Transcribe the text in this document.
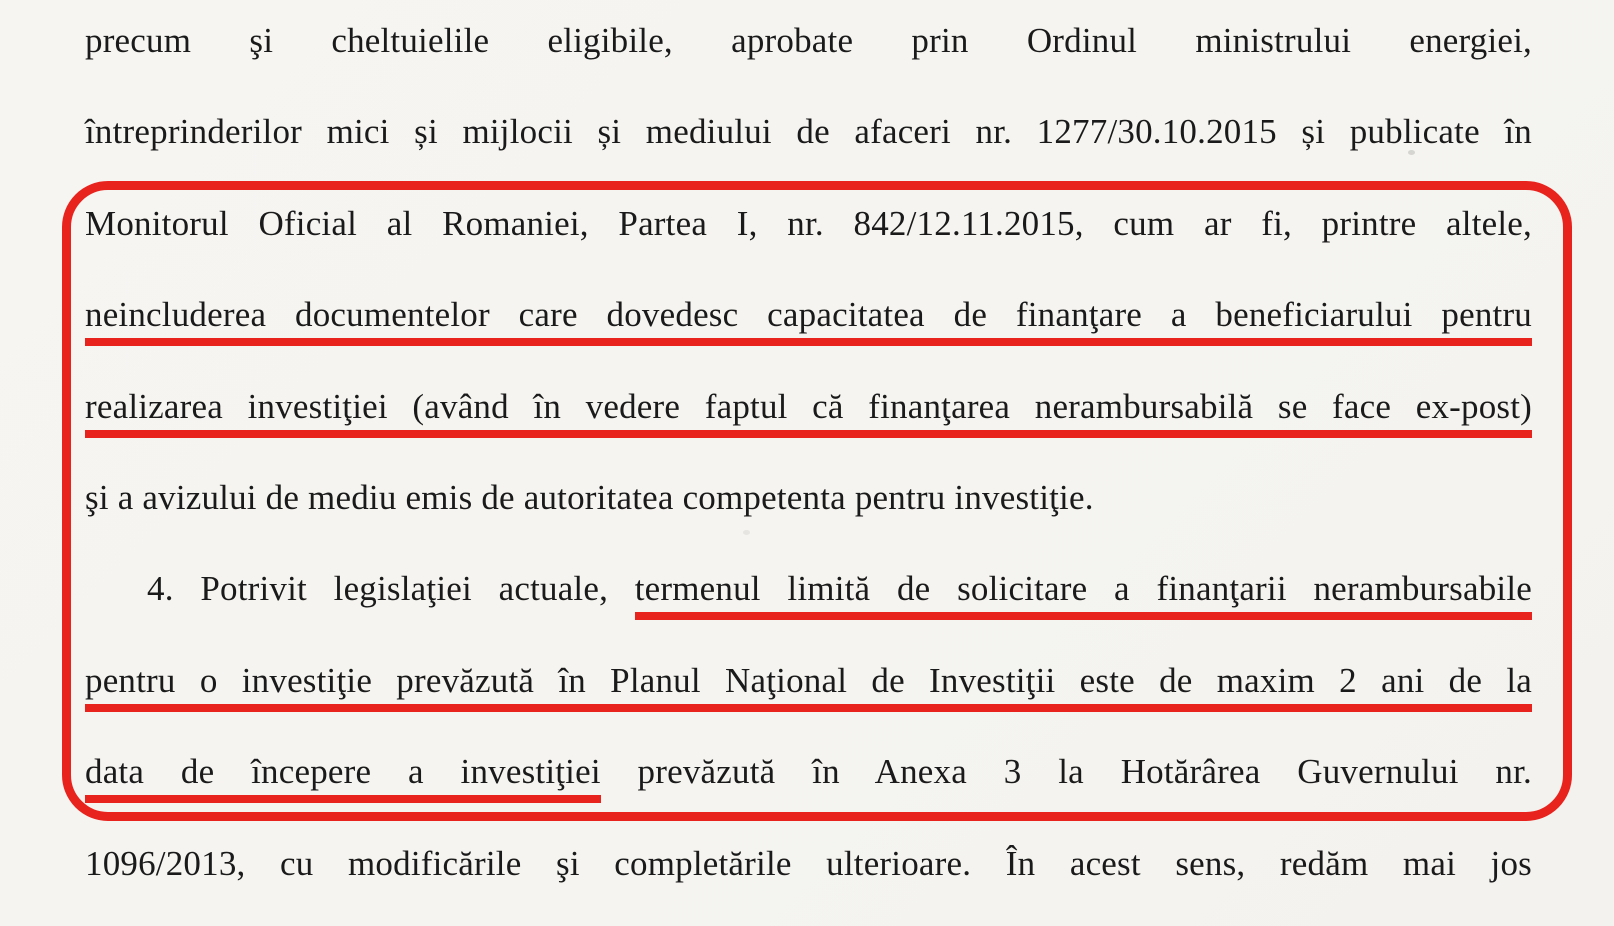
precum şi cheltuielile eligibile, aprobate prin Ordinul ministrului energiei,
întreprinderilor mici și mijlocii și mediului de afaceri nr. 1277/30.10.2015 și publicate în
Monitorul Oficial al Romaniei, Partea I, nr. 842/12.11.2015, cum ar fi, printre altele,
neincluderea documentelor care dovedesc capacitatea de finanţare a beneficiarului pentru
realizarea investiţiei (având în vedere faptul că finanţarea nerambursabilă se face ex-post)
şi a avizului de mediu emis de autoritatea competenta pentru investiţie.
4. Potrivit legislaţiei actuale, termenul limită de solicitare a finanţarii nerambursabile
pentru o investiţie prevăzută în Planul Naţional de Investiţii este de maxim 2 ani de la
data de începere a investiţiei prevăzută în Anexa 3 la Hotărârea Guvernului nr.
1096/2013, cu modificările şi completările ulterioare. În acest sens, redăm mai jos
